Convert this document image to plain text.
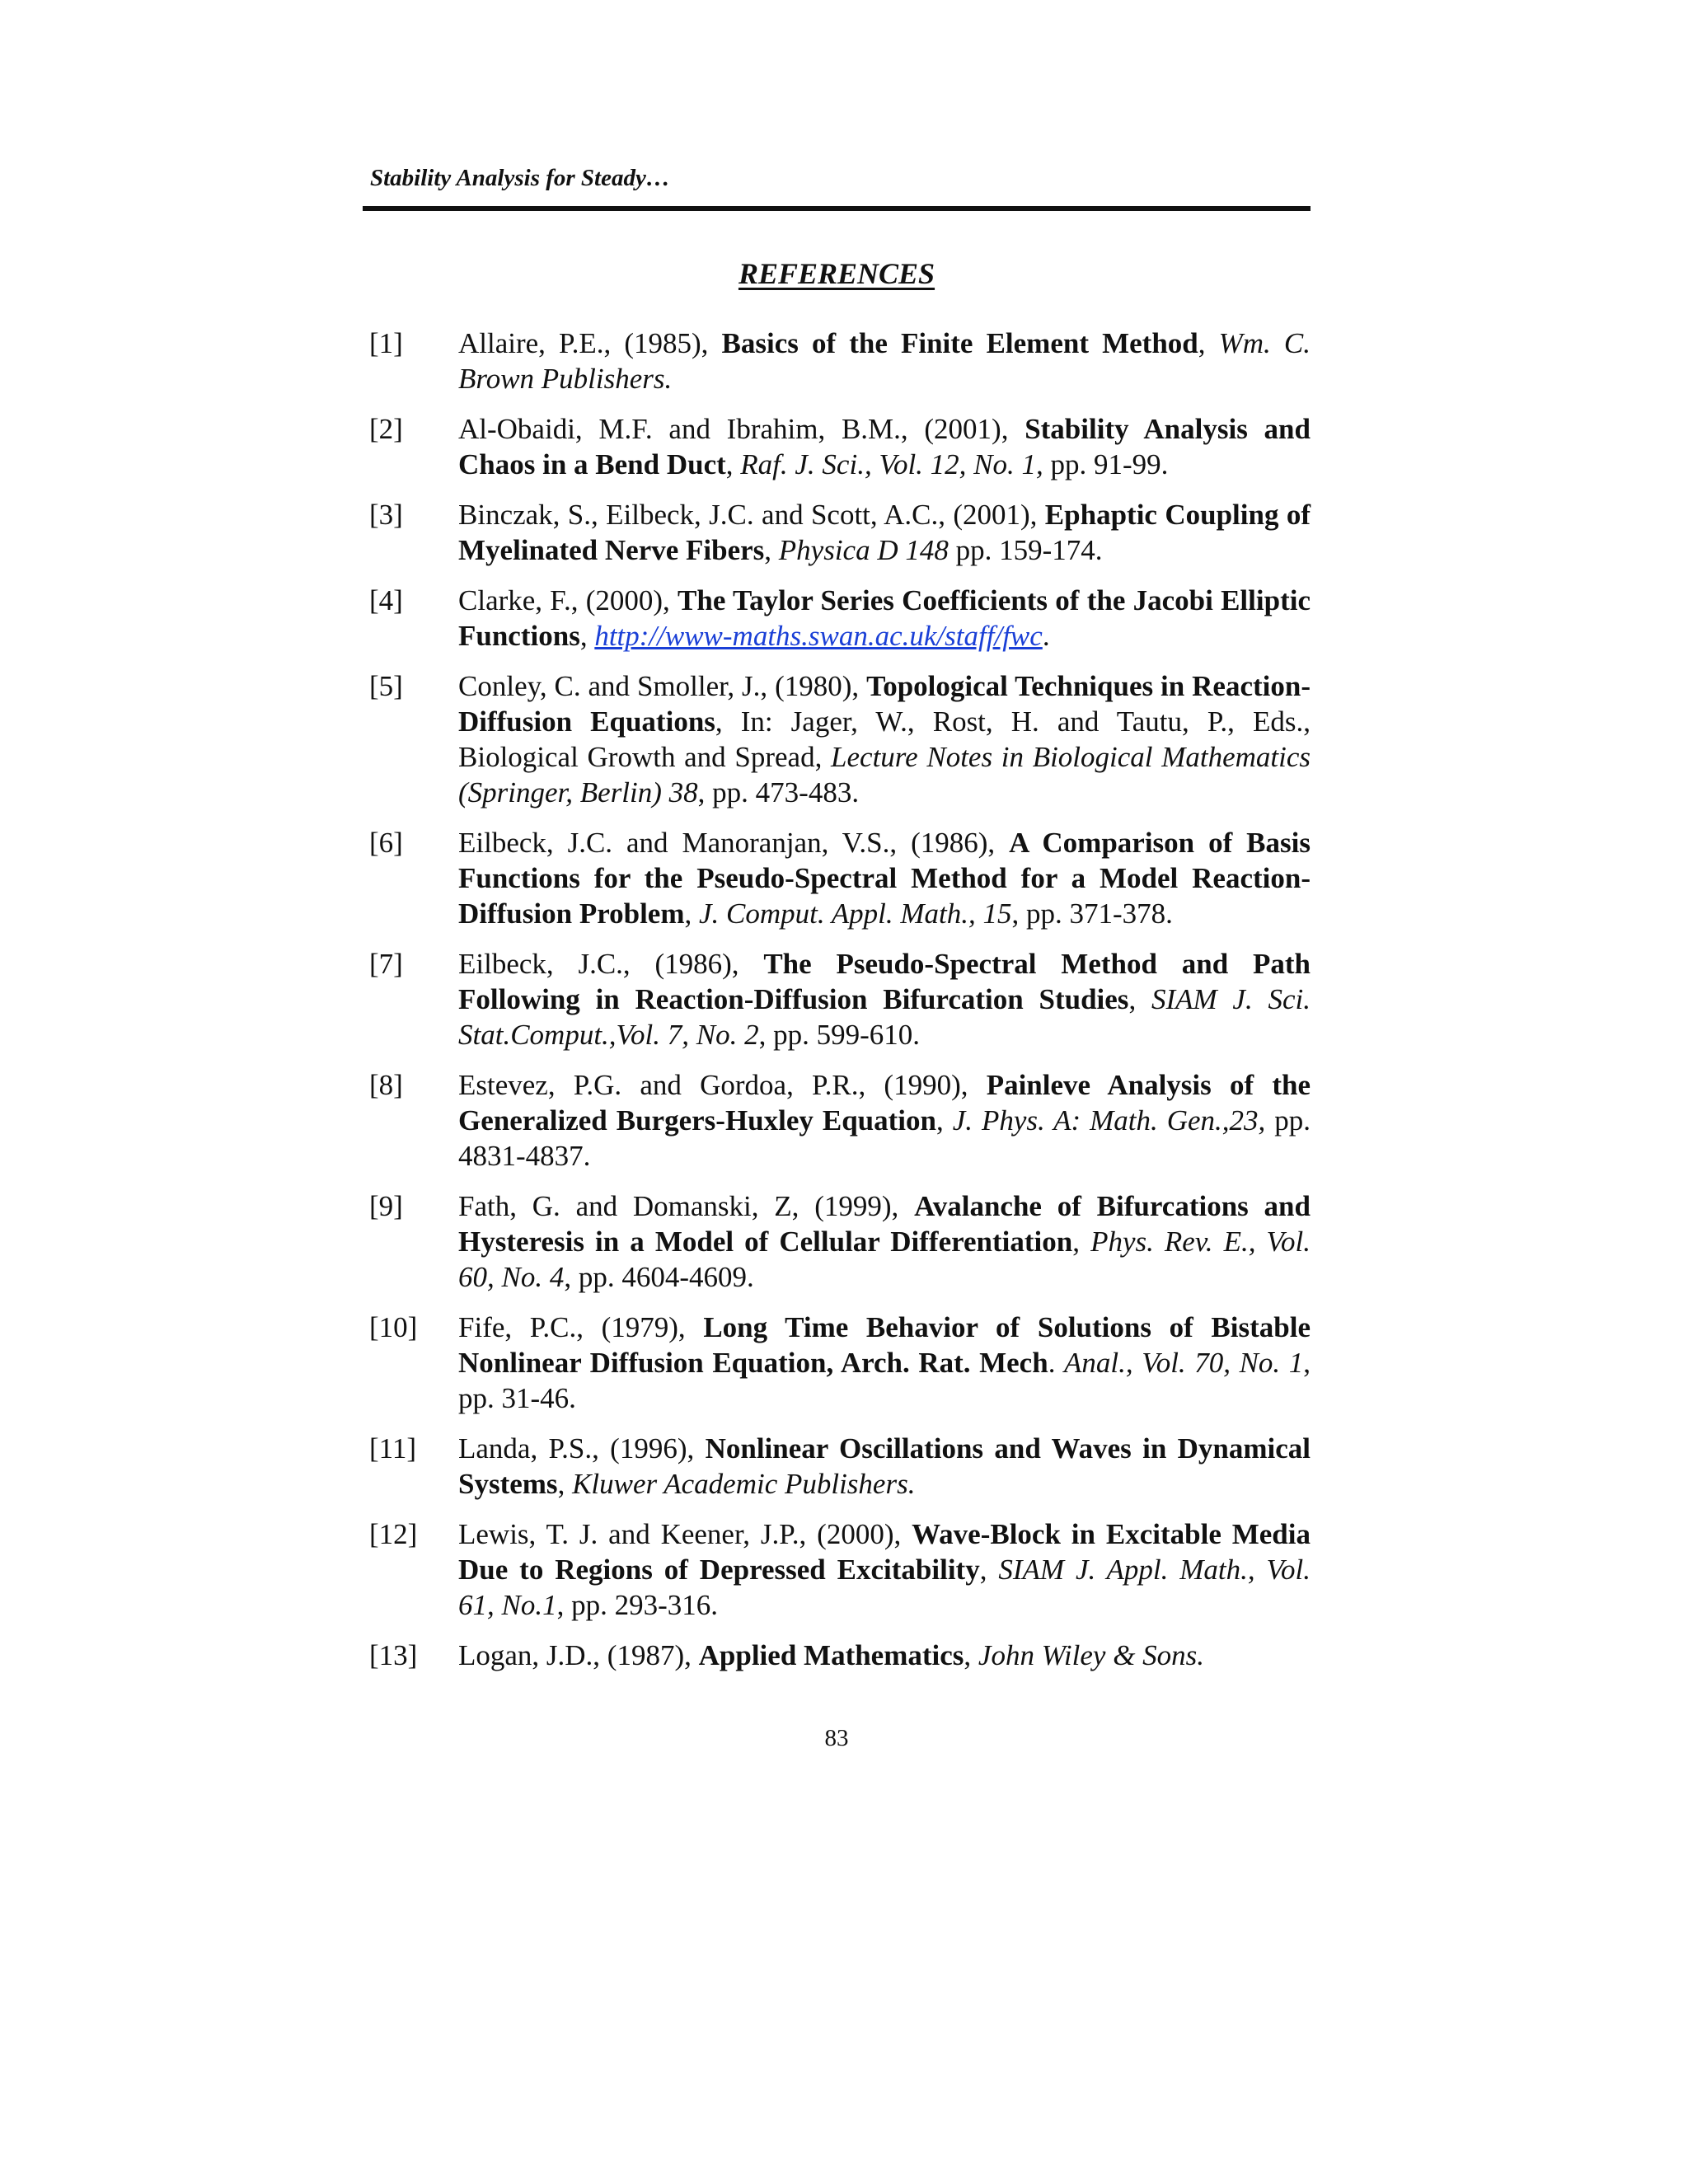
Stability Analysis for Steady…
REFERENCES
[1] Allaire, P.E., (1985), Basics of the Finite Element Method, Wm. C. Brown Publishers.
[2] Al-Obaidi, M.F. and Ibrahim, B.M., (2001), Stability Analysis and Chaos in a Bend Duct, Raf. J. Sci., Vol. 12, No. 1, pp. 91-99.
[3] Binczak, S., Eilbeck, J.C. and Scott, A.C., (2001), Ephaptic Coupling of Myelinated Nerve Fibers, Physica D 148 pp. 159-174.
[4] Clarke, F., (2000), The Taylor Series Coefficients of the Jacobi Elliptic Functions, http://www-maths.swan.ac.uk/staff/fwc.
[5] Conley, C. and Smoller, J., (1980), Topological Techniques in Reaction-Diffusion Equations, In: Jager, W., Rost, H. and Tautu, P., Eds., Biological Growth and Spread, Lecture Notes in Biological Mathematics (Springer, Berlin) 38, pp. 473-483.
[6] Eilbeck, J.C. and Manoranjan, V.S., (1986), A Comparison of Basis Functions for the Pseudo-Spectral Method for a Model Reaction-Diffusion Problem, J. Comput. Appl. Math., 15, pp. 371-378.
[7] Eilbeck, J.C., (1986), The Pseudo-Spectral Method and Path Following in Reaction-Diffusion Bifurcation Studies, SIAM J. Sci. Stat.Comput.,Vol. 7, No. 2, pp. 599-610.
[8] Estevez, P.G. and Gordoa, P.R., (1990), Painleve Analysis of the Generalized Burgers-Huxley Equation, J. Phys. A: Math. Gen.,23, pp. 4831-4837.
[9] Fath, G. and Domanski, Z, (1999), Avalanche of Bifurcations and Hysteresis in a Model of Cellular Differentiation, Phys. Rev. E., Vol. 60, No. 4, pp. 4604-4609.
[10] Fife, P.C., (1979), Long Time Behavior of Solutions of Bistable Nonlinear Diffusion Equation, Arch. Rat. Mech. Anal., Vol. 70, No. 1, pp. 31-46.
[11] Landa, P.S., (1996), Nonlinear Oscillations and Waves in Dynamical Systems, Kluwer Academic Publishers.
[12] Lewis, T. J. and Keener, J.P., (2000), Wave-Block in Excitable Media Due to Regions of Depressed Excitability, SIAM J. Appl. Math., Vol. 61, No.1, pp. 293-316.
[13] Logan, J.D., (1987), Applied Mathematics, John Wiley & Sons.
83
